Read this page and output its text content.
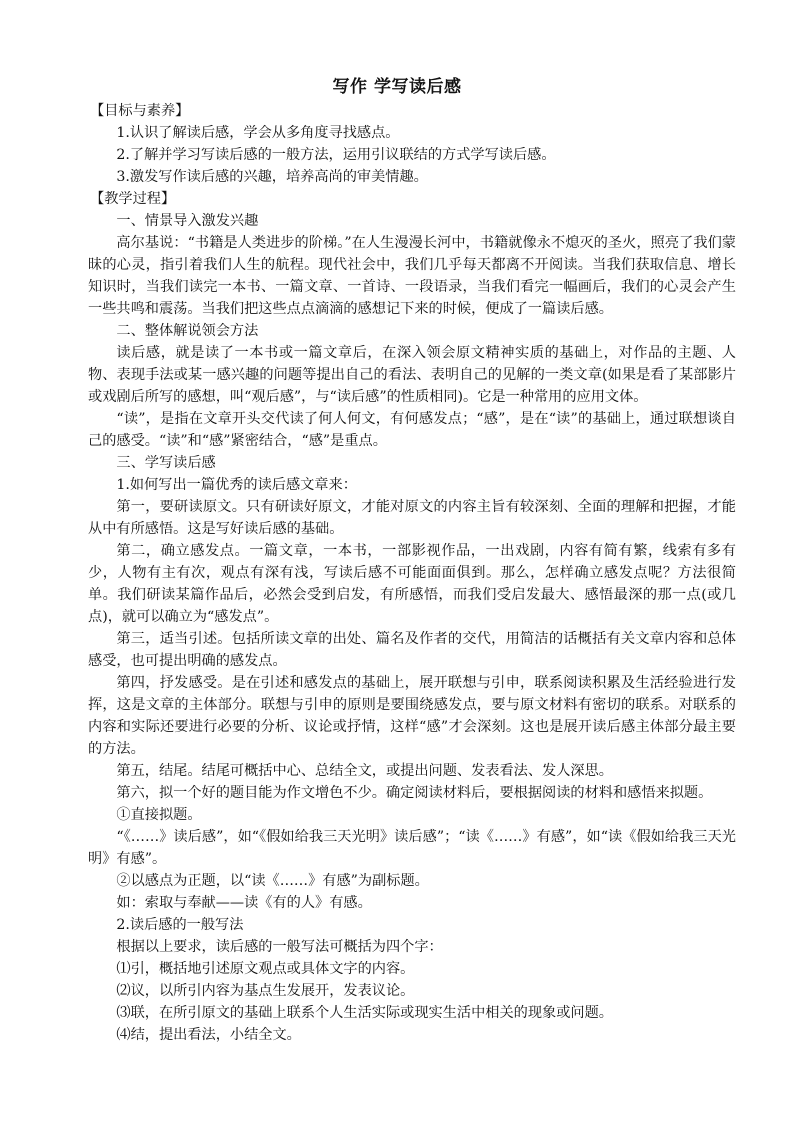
写作 学写读后感
【目标与素养】
1.认识了解读后感，学会从多角度寻找感点。
2.了解并学习写读后感的一般方法，运用引议联结的方式学写读后感。
3.激发写作读后感的兴趣，培养高尚的审美情趣。
【教学过程】
一、情景导入激发兴趣
高尔基说：“书籍是人类进步的阶梯。”在人生漫漫长河中，书籍就像永不熄灭的圣火，照亮了我们蒙昧的心灵，指引着我们人生的航程。现代社会中，我们几乎每天都离不开阅读。当我们获取信息、增长知识时，当我们读完一本书、一篇文章、一首诗、一段语录，当我们看完一幅画后，我们的心灵会产生一些共鸣和震荡。当我们把这些点点滴滴的感想记下来的时候，便成了一篇读后感。
二、整体解说领会方法
读后感，就是读了一本书或一篇文章后，在深入领会原文精神实质的基础上，对作品的主题、人物、表现手法或某一感兴趣的问题等提出自己的看法、表明自己的见解的一类文章(如果是看了某部影片或戏剧后所写的感想，叫“观后感”，与“读后感”的性质相同)。它是一种常用的应用文体。
“读”，是指在文章开头交代读了何人何文，有何感发点；“感”，是在“读”的基础上，通过联想谈自己的感受。“读”和“感”紧密结合，“感”是重点。
三、学写读后感
1.如何写出一篇优秀的读后感文章来：
第一，要研读原文。只有研读好原文，才能对原文的内容主旨有较深刻、全面的理解和把握，才能从中有所感悟。这是写好读后感的基础。
第二，确立感发点。一篇文章，一本书，一部影视作品，一出戏剧，内容有简有繁，线索有多有少，人物有主有次，观点有深有浅，写读后感不可能面面俱到。那么，怎样确立感发点呢？方法很简单。我们研读某篇作品后，必然会受到启发，有所感悟，而我们受启发最大、感悟最深的那一点(或几点)，就可以确立为“感发点”。
第三，适当引述。包括所读文章的出处、篇名及作者的交代，用简洁的话概括有关文章内容和总体感受，也可提出明确的感发点。
第四，抒发感受。是在引述和感发点的基础上，展开联想与引申，联系阅读积累及生活经验进行发挥，这是文章的主体部分。联想与引申的原则是要围绕感发点，要与原文材料有密切的联系。对联系的内容和实际还要进行必要的分析、议论或抒情，这样“感”才会深刻。这也是展开读后感主体部分最主要的方法。
第五，结尾。结尾可概括中心、总结全文，或提出问题、发表看法、发人深思。
第六，拟一个好的题目能为作文增色不少。确定阅读材料后，要根据阅读的材料和感悟来拟题。
①直接拟题。
“《……》读后感”，如“《假如给我三天光明》读后感”；“读《……》有感”，如“读《假如给我三天光明》有感”。
②以感点为正题，以“读《……》有感”为副标题。
如：索取与奉献——读《有的人》有感。
2.读后感的一般写法
根据以上要求，读后感的一般写法可概括为四个字：
⑴引，概括地引述原文观点或具体文字的内容。
⑵议，以所引内容为基点生发展开，发表议论。
⑶联，在所引原文的基础上联系个人生活实际或现实生活中相关的现象或问题。
⑷结，提出看法，小结全文。
